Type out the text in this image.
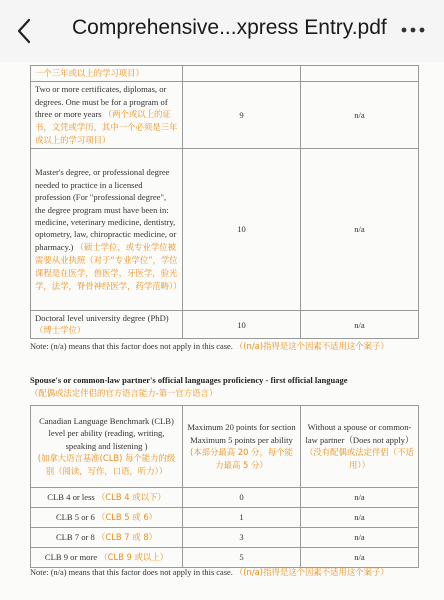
Comprehensive...xpress Entry.pdf
一个三年或以上的学习项目）		
Two or more certificates, diplomas, or degrees. One must be for a program of three or more years （两个或以上的证书，文凭或学历，其中一个必须是三年或以上的学习项目）	9	n/a
Master's degree, or professional degree needed to practice in a licensed profession (For "professional degree", the degree program must have been in: medicine, veterinary medicine, dentistry, optometry, law, chiropractic medicine, or pharmacy.) （硕士学位，或专业学位被需要从业执照（对于“专业学位”，学位课程是在医学，兽医学，牙医学，验光学，法学，脊骨神经医学，药学范畴））	10	n/a
Doctoral level university degree (PhD) （博士学位）	10	n/a
Note: (n/a) means that this factor does not apply in this case. （(n/a)指得是这个因素不适用这个案子）
Spouse's or common-law partner's official languages proficiency - first official language
（配偶或法定伴侣的官方语言能力-第一官方语言）
Canadian Language Benchmark (CLB) level per ability (reading, writing, speaking and listening )
(加拿大语言基准(CLB) 每个能力的级别（阅读，写作，口语，听力））	Maximum 20 points for section Maximum 5 points per ability
(本部分最高 20 分，每个能力最高 5 分）	Without a spouse or common-law partner（Does not apply）
（没有配偶或法定伴侣（不适用））
CLB 4 or less （CLB 4 或以下）	0	n/a
CLB 5 or 6 （CLB 5 或 6）	1	n/a
CLB 7 or 8 （CLB 7 或 8）	3	n/a
CLB 9 or more （CLB 9 或以上）	5	n/a
Note: (n/a) means that this factor does not apply in this case. （(n/a)指得是这个因素不适用这个案子）
